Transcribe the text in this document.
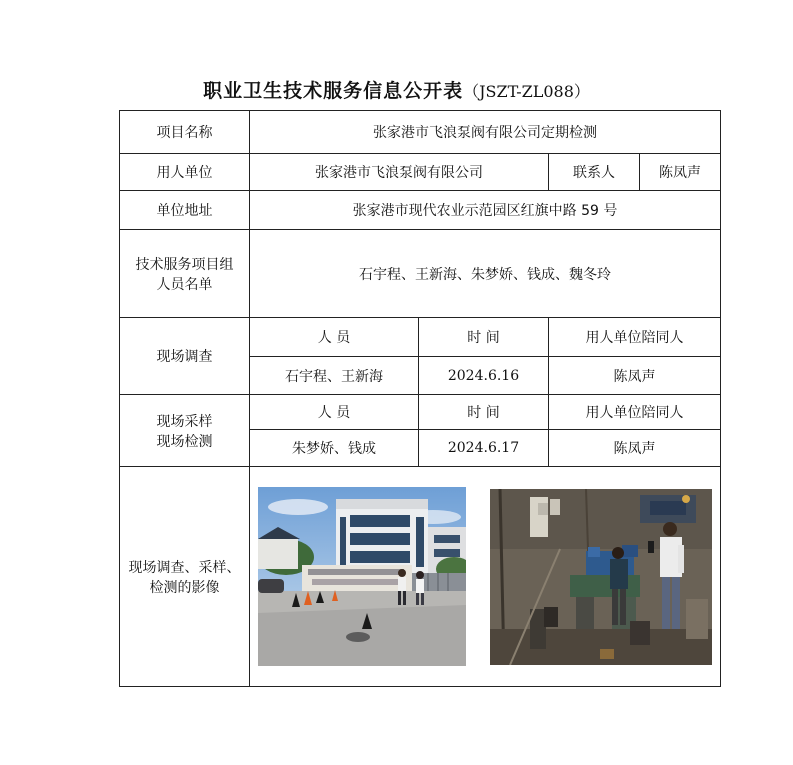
职业卫生技术服务信息公开表（JSZT-ZL088）
项目名称	张家港市飞浪泵阀有限公司定期检测			
用人单位	张家港市飞浪泵阀有限公司		联系人	陈凤声
单位地址	张家港市现代农业示范园区红旗中路 59 号			

技术服务项目组
人员名单	石宇程、王新海、朱梦娇、钱成、魏冬玲			
现场调查	人 员	时 间	用人单位陪同人	
	石宇程、王新海	2024.6.16	陈凤声	

现场采样
现场检测	人 员	时 间	用人单位陪同人	
	朱梦娇、钱成	2024.6.17	陈凤声	

现场调查、采样、
检测的影像
